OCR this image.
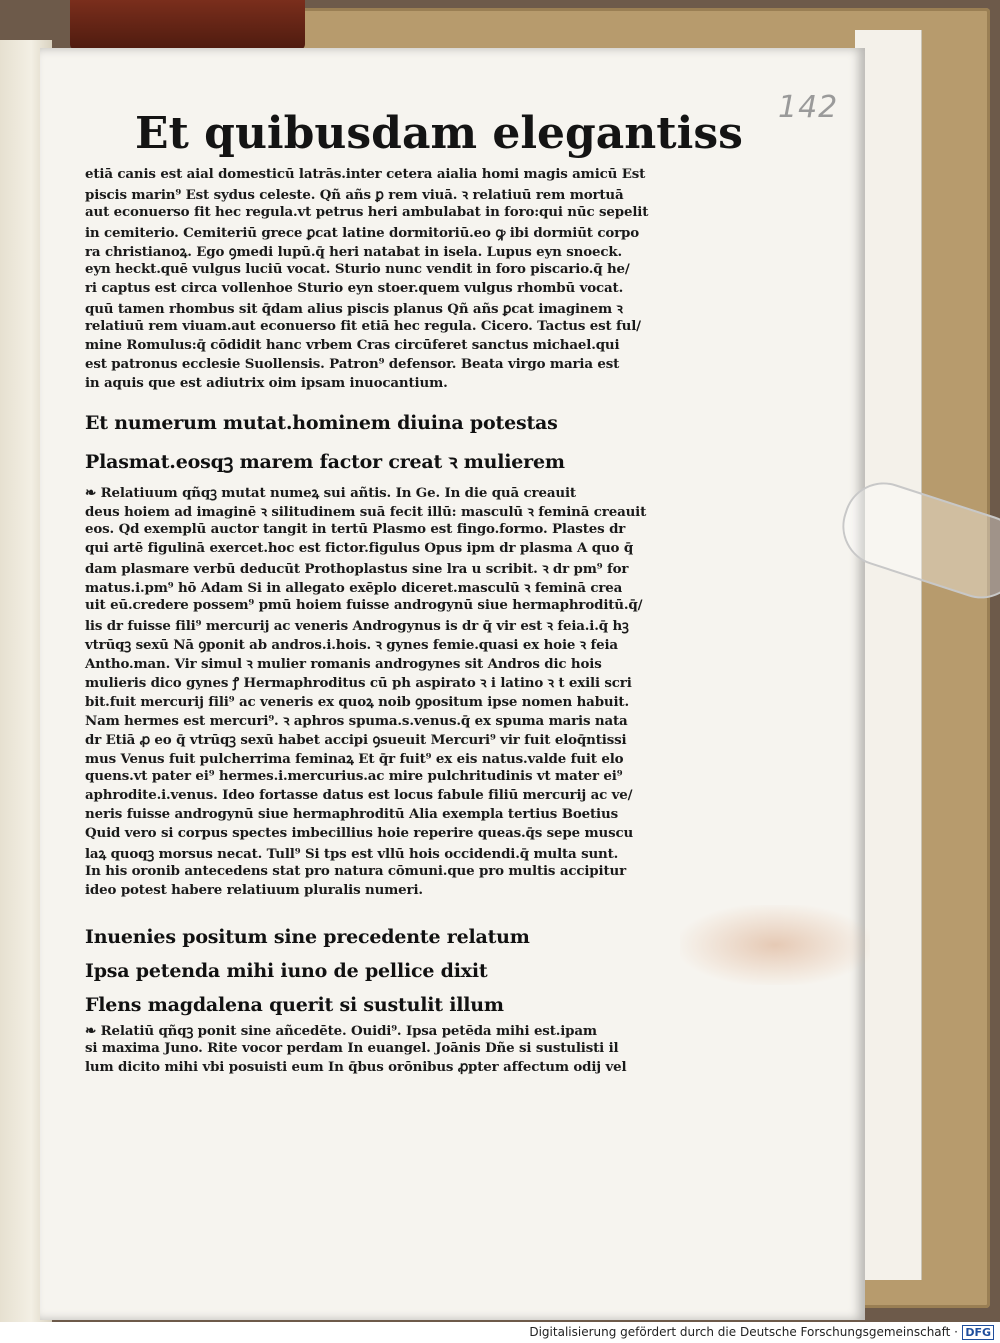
142
Et quibusdam elegantiss
etiā canis est aial domesticū latrās.inter cetera aialia homi magis amicū Est
piscis marin⁹ Est sydus celeste. Qñ añs ꝑ rem viuā. ꝛ relatiuū rem mortuā
aut econuerso fit hec regula.vt petrus heri ambulabat in foro:qui nūc sepelit
in cemiterio. Cemiteriū grece ꝑcat latine dormitoriū.eo ꝙ ibi dormiūt corpo
ra christianoꝝ. Ego ꝯmedi lupū.q̄ heri natabat in isela. Lupus eyn snoeck.
eyn heckt.quē vulgus luciū vocat. Sturio nunc vendit in foro piscario.q̄ he/
ri captus est circa vollenhoe Sturio eyn stoer.quem vulgus rhombū vocat.
quū tamen rhombus sit q̄dam alius piscis planus Qñ añs ꝑcat imaginem ꝛ
relatiuū rem viuam.aut econuerso fit etiā hec regula. Cicero. Tactus est ful/
mine Romulus:q̄ cōdidit hanc vrbem Cras circūferet sanctus michael.qui
est patronus ecclesie Suollensis. Patron⁹ defensor. Beata virgo maria est
in aquis que est adiutrix oim ipsam inuocantium.
Et numerum mutat.hominem diuina potestas
Plasmat.eosqꝫ marem factor creat ꝛ mulierem
❧ Relatiuum qñqꝫ mutat numeꝝ sui añtis. In Ge. In die quā creauit
deus hoiem ad imaginē ꝛ silitudinem suā fecit illū: masculū ꝛ feminā creauit
eos. Qd exemplū auctor tangit in tertū Plasmo est fingo.formo. Plastes dr
qui artē figulinā exercet.hoc est fictor.figulus Opus ipm dr plasma A quo q̄
dam plasmare verbū deducūt Prothoplastus sine lra u scribit. ꝛ dr pm⁹ for
matus.i.pm⁹ hō Adam Si in allegato exēplo diceret.masculū ꝛ feminā crea
uit eū.credere possem⁹ pmū hoiem fuisse androgynū siue hermaphroditū.q̄/
lis dr fuisse fili⁹ mercurij ac veneris Androgynus is dr q̄ vir est ꝛ feia.i.q̄ hꝫ
vtrūqꝫ sexū Nā ꝯponit ab andros.i.hois. ꝛ gynes femie.quasi ex hoie ꝛ feia
Antho.man. Vir simul ꝛ mulier romanis androgynes sit Andros dic hois
mulieris dico gynes ꝭ Hermaphroditus cū ph aspirato ꝛ i latino ꝛ t exili scri
bit.fuit mercurij fili⁹ ac veneris ex quoꝝ noib ꝯpositum ipse nomen habuit.
Nam hermes est mercuri⁹. ꝛ aphros spuma.s.venus.q̄ ex spuma maris nata
dr Etiā ꝓ eo q̄ vtrūqꝫ sexū habet accipi ꝯsueuit Mercuri⁹ vir fuit eloq̄ntissi
mus Venus fuit pulcherrima feminaꝝ Et q̄r fuit⁹ ex eis natus.valde fuit elo
quens.vt pater ei⁹ hermes.i.mercurius.ac mire pulchritudinis vt mater ei⁹
aphrodite.i.venus. Ideo fortasse datus est locus fabule filiū mercurij ac ve/
neris fuisse androgynū siue hermaphroditū Alia exempla tertius Boetius
Quid vero si corpus spectes imbecillius hoie reperire queas.q̄s sepe muscu
laꝝ quoqꝫ morsus necat. Tull⁹ Si tps est vllū hois occidendi.q̄ multa sunt.
In his oronib antecedens stat pro natura cōmuni.que pro multis accipitur
ideo potest habere relatiuum pluralis numeri.
Inuenies positum sine precedente relatum
Ipsa petenda mihi iuno de pellice dixit
Flens magdalena querit si sustulit illum
❧ Relatiū qñqꝫ ponit sine añcedēte. Ouidi⁹. Ipsa petēda mihi est.ipam
si maxima Juno. Rite vocor perdam In euangel. Joānis Dñe si sustulisti il
lum dicito mihi vbi posuisti eum In q̄bus orōnibus ꝓpter affectum odij vel
Digitalisierung gefördert durch die Deutsche Forschungsgemeinschaft · DFG
